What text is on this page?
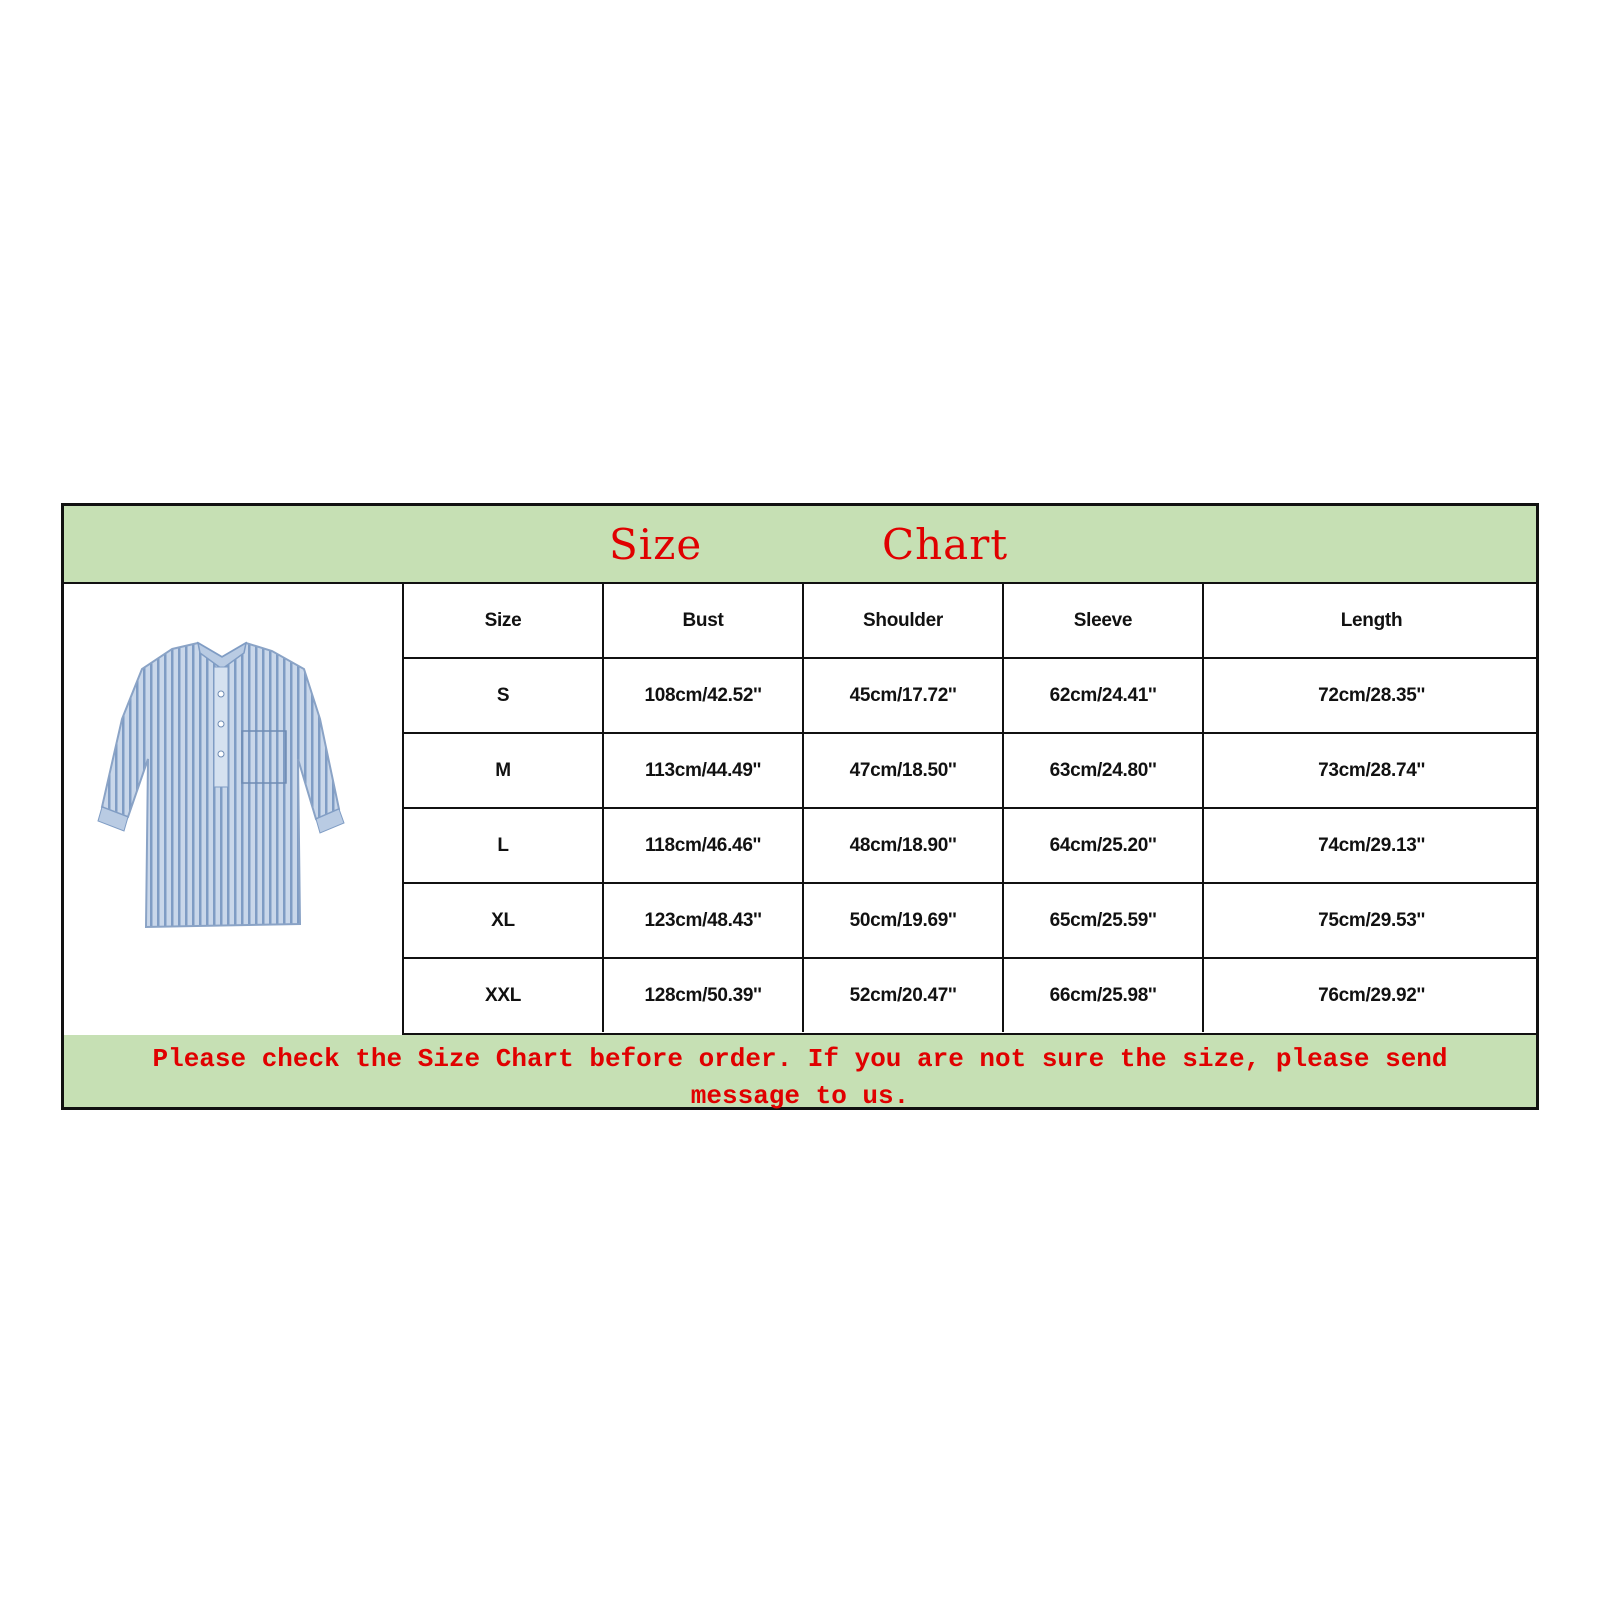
Size	Chart
Size	Bust	Shoulder	Sleeve	Length
S	108cm/42.52''	45cm/17.72''	62cm/24.41''	72cm/28.35''
M	113cm/44.49''	47cm/18.50''	63cm/24.80''	73cm/28.74''
L	118cm/46.46''	48cm/18.90''	64cm/25.20''	74cm/29.13''
XL	123cm/48.43''	50cm/19.69''	65cm/25.59''	75cm/29.53''
XXL	128cm/50.39''	52cm/20.47''	66cm/25.98''	76cm/29.92''
Please check the Size Chart before order. If you are not sure the size, please send message to us.
